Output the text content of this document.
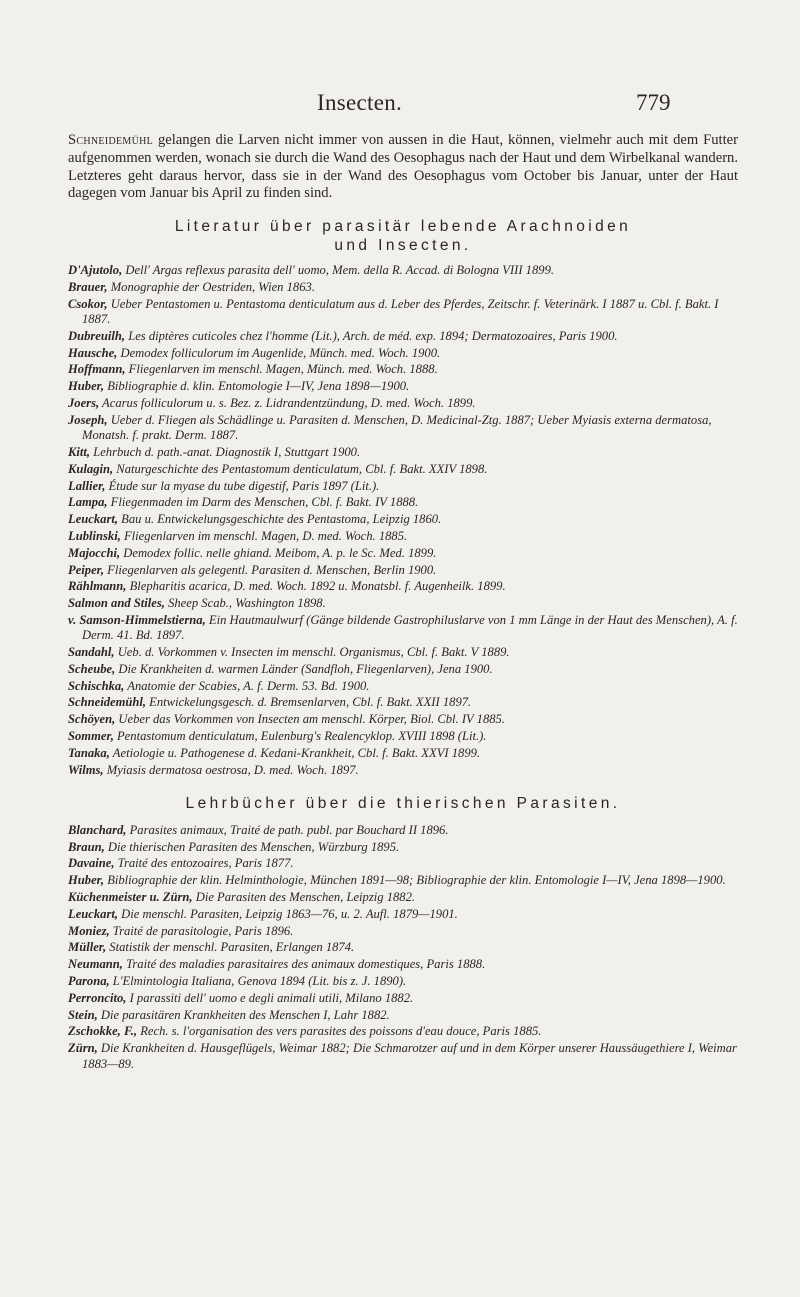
Insecten.	779

Schneidemühl gelangen die Larven nicht immer von aussen in die Haut, können, vielmehr auch mit dem Futter aufgenommen werden, wonach sie durch die Wand des Oesophagus nach der Haut und dem Wirbelkanal wandern. Letzteres geht daraus hervor, dass sie in der Wand des Oesophagus vom October bis Januar, unter der Haut dagegen vom Januar bis April zu finden sind.

Literatur über parasitär lebende Arachnoiden
und Insecten.
D'Ajutolo, Dell' Argas reflexus parasita dell' uomo, Mem. della R. Accad. di Bologna VIII 1899.
Brauer, Monographie der Oestriden, Wien 1863.
Csokor, Ueber Pentastomen u. Pentastoma denticulatum aus d. Leber des Pferdes, Zeitschr. f. Veterinärk. I 1887 u. Cbl. f. Bakt. I 1887.
Dubreuilh, Les diptères cuticoles chez l'homme (Lit.), Arch. de méd. exp. 1894; Dermatozoaires, Paris 1900.
Hausche, Demodex folliculorum im Augenlide, Münch. med. Woch. 1900.
Hoffmann, Fliegenlarven im menschl. Magen, Münch. med. Woch. 1888.
Huber, Bibliographie d. klin. Entomologie I—IV, Jena 1898—1900.
Joers, Acarus folliculorum u. s. Bez. z. Lidrandentzündung, D. med. Woch. 1899.
Joseph, Ueber d. Fliegen als Schädlinge u. Parasiten d. Menschen, D. Medicinal-Ztg. 1887; Ueber Myiasis externa dermatosa, Monatsh. f. prakt. Derm. 1887.
Kitt, Lehrbuch d. path.-anat. Diagnostik I, Stuttgart 1900.
Kulagin, Naturgeschichte des Pentastomum denticulatum, Cbl. f. Bakt. XXIV 1898.
Lallier, Étude sur la myase du tube digestif, Paris 1897 (Lit.).
Lampa, Fliegenmaden im Darm des Menschen, Cbl. f. Bakt. IV 1888.
Leuckart, Bau u. Entwickelungsgeschichte des Pentastoma, Leipzig 1860.
Lublinski, Fliegenlarven im menschl. Magen, D. med. Woch. 1885.
Majocchi, Demodex follic. nelle ghiand. Meibom, A. p. le Sc. Med. 1899.
Peiper, Fliegenlarven als gelegentl. Parasiten d. Menschen, Berlin 1900.
Rählmann, Blepharitis acarica, D. med. Woch. 1892 u. Monatsbl. f. Augenheilk. 1899.
Salmon and Stiles, Sheep Scab., Washington 1898.
v. Samson-Himmelstierna, Ein Hautmaulwurf (Gänge bildende Gastrophiluslarve von 1 mm Länge in der Haut des Menschen), A. f. Derm. 41. Bd. 1897.
Sandahl, Ueb. d. Vorkommen v. Insecten im menschl. Organismus, Cbl. f. Bakt. V 1889.
Scheube, Die Krankheiten d. warmen Länder (Sandfloh, Fliegenlarven), Jena 1900.
Schischka, Anatomie der Scabies, A. f. Derm. 53. Bd. 1900.
Schneidemühl, Entwickelungsgesch. d. Bremsenlarven, Cbl. f. Bakt. XXII 1897.
Schöyen, Ueber das Vorkommen von Insecten am menschl. Körper, Biol. Cbl. IV 1885.
Sommer, Pentastomum denticulatum, Eulenburg's Realencyklop. XVIII 1898 (Lit.).
Tanaka, Aetiologie u. Pathogenese d. Kedani-Krankheit, Cbl. f. Bakt. XXVI 1899.
Wilms, Myiasis dermatosa oestrosa, D. med. Woch. 1897.
Lehrbücher über die thierischen Parasiten.
Blanchard, Parasites animaux, Traité de path. publ. par Bouchard II 1896.
Braun, Die thierischen Parasiten des Menschen, Würzburg 1895.
Davaine, Traité des entozoaires, Paris 1877.
Huber, Bibliographie der klin. Helminthologie, München 1891—98; Bibliographie der klin. Entomologie I—IV, Jena 1898—1900.
Küchenmeister u. Zürn, Die Parasiten des Menschen, Leipzig 1882.
Leuckart, Die menschl. Parasiten, Leipzig 1863—76, u. 2. Aufl. 1879—1901.
Moniez, Traité de parasitologie, Paris 1896.
Müller, Statistik der menschl. Parasiten, Erlangen 1874.
Neumann, Traité des maladies parasitaires des animaux domestiques, Paris 1888.
Parona, L'Elmintologia Italiana, Genova 1894 (Lit. bis z. J. 1890).
Perroncito, I parassiti dell' uomo e degli animali utili, Milano 1882.
Stein, Die parasitären Krankheiten des Menschen I, Lahr 1882.
Zschokke, F., Rech. s. l'organisation des vers parasites des poissons d'eau douce, Paris 1885.
Zürn, Die Krankheiten d. Hausgeflügels, Weimar 1882; Die Schmarotzer auf und in dem Körper unserer Haussäugethiere I, Weimar 1883—89.
